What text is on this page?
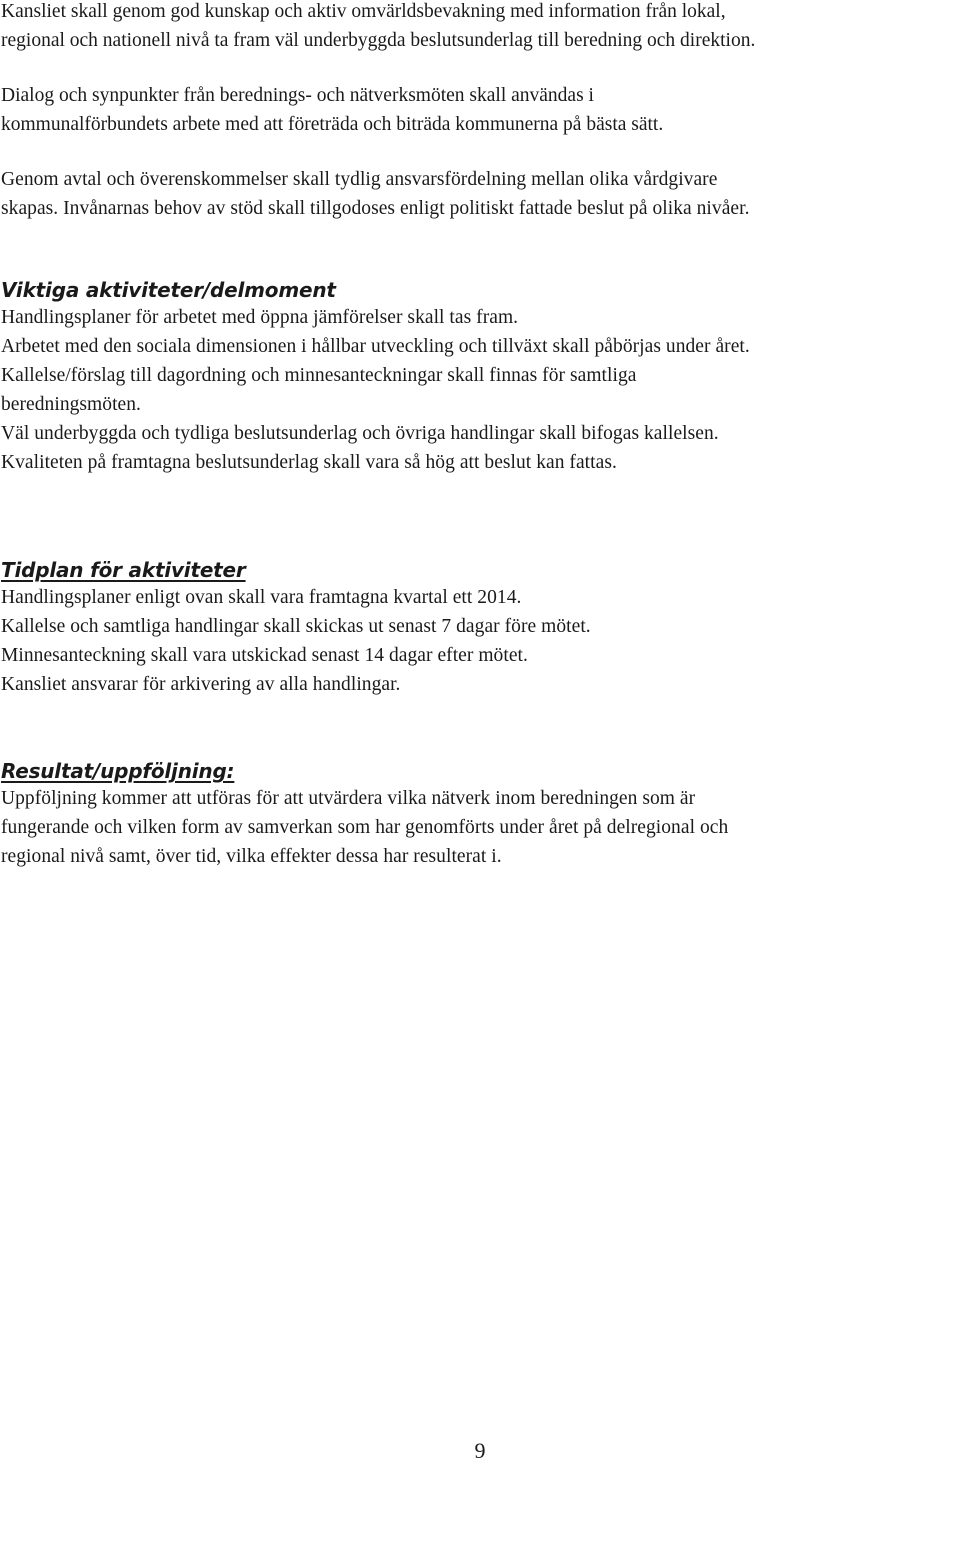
Kansliet skall genom god kunskap och aktiv omvärldsbevakning med information från lokal,
regional och nationell nivå ta fram väl underbyggda beslutsunderlag till beredning och direktion.

Dialog och synpunkter från berednings- och nätverksmöten skall användas i
kommunalförbundets arbete med att företräda och biträda kommunerna på bästa sätt.

Genom avtal och överenskommelser skall tydlig ansvarsfördelning mellan olika vårdgivare
skapas. Invånarnas behov av stöd skall tillgodoses enligt politiskt fattade beslut på olika nivåer.

Viktiga aktiviteter/delmoment

Handlingsplaner för arbetet med öppna jämförelser skall tas fram.
Arbetet med den sociala dimensionen i hållbar utveckling och tillväxt skall påbörjas under året.
Kallelse/förslag till dagordning och minnesanteckningar skall finnas för samtliga
beredningsmöten.
Väl underbyggda och tydliga beslutsunderlag och övriga handlingar skall bifogas kallelsen.
Kvaliteten på framtagna beslutsunderlag skall vara så hög att beslut kan fattas.

Tidplan för aktiviteter

Handlingsplaner enligt ovan skall vara framtagna kvartal ett 2014.
Kallelse och samtliga handlingar skall skickas ut senast 7 dagar före mötet.
Minnesanteckning skall vara utskickad senast 14 dagar efter mötet.
Kansliet ansvarar för arkivering av alla handlingar.

Resultat/uppföljning:

Uppföljning kommer att utföras för att utvärdera vilka nätverk inom beredningen som är
fungerande och vilken form av samverkan som har genomförts under året på delregional och
regional nivå samt, över tid, vilka effekter dessa har resulterat i.

9
